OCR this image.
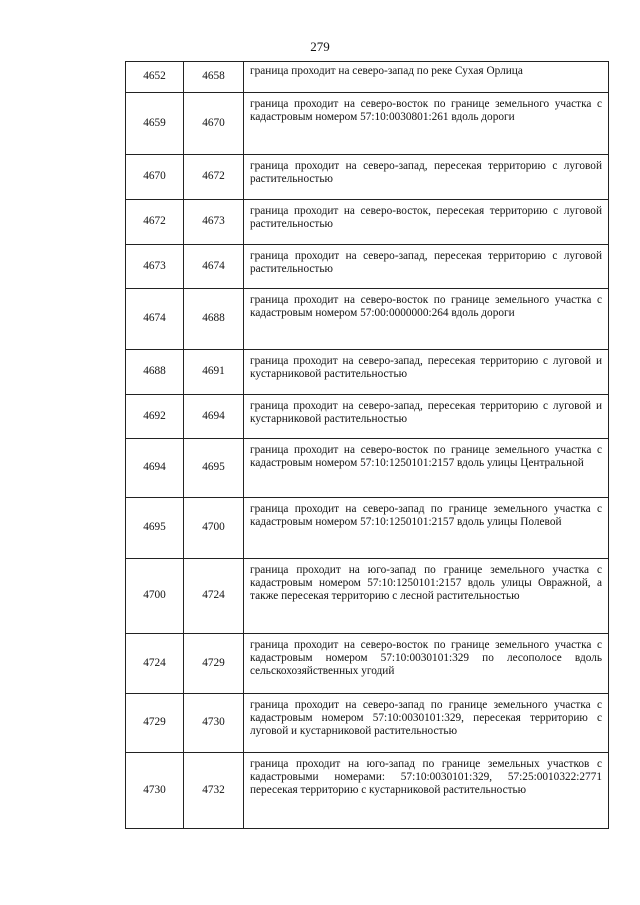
279
4652	4658	граница проходит на северо-запад по реке Сухая Орлица
4659	4670	граница проходит на северо-восток по границе земельного участка с кадастровым номером 57:10:0030801:261 вдоль дороги
4670	4672	граница проходит на северо-запад, пересекая территорию с луговой растительностью
4672	4673	граница проходит на северо-восток, пересекая территорию с луговой растительностью
4673	4674	граница проходит на северо-запад, пересекая территорию с луговой растительностью
4674	4688	граница проходит на северо-восток по границе земельного участка с кадастровым номером 57:00:0000000:264 вдоль дороги
4688	4691	граница проходит на северо-запад, пересекая территорию с луговой и кустарниковой растительностью
4692	4694	граница проходит на северо-запад, пересекая территорию с луговой и кустарниковой растительностью
4694	4695	граница проходит на северо-восток по границе земельного участка с кадастровым номером 57:10:1250101:2157 вдоль улицы Центральной
4695	4700	граница проходит на северо-запад по границе земельного участка с кадастровым номером 57:10:1250101:2157 вдоль улицы Полевой
4700	4724	граница проходит на юго-запад по границе земельного участка с кадастровым номером 57:10:1250101:2157 вдоль улицы Овражной, а также пересекая территорию с лесной растительностью
4724	4729	граница проходит на северо-восток по границе земельного участка с кадастровым номером 57:10:0030101:329 по лесополосе вдоль сельскохозяйственных угодий
4729	4730	граница проходит на северо-запад по границе земельного участка с кадастровым номером 57:10:0030101:329, пересекая территорию с луговой и кустарниковой растительностью
4730	4732	граница проходит на юго-запад по границе земельных участков с кадастровыми номерами: 57:10:0030101:329, 57:25:0010322:2771 пересекая территорию с кустарниковой растительностью
